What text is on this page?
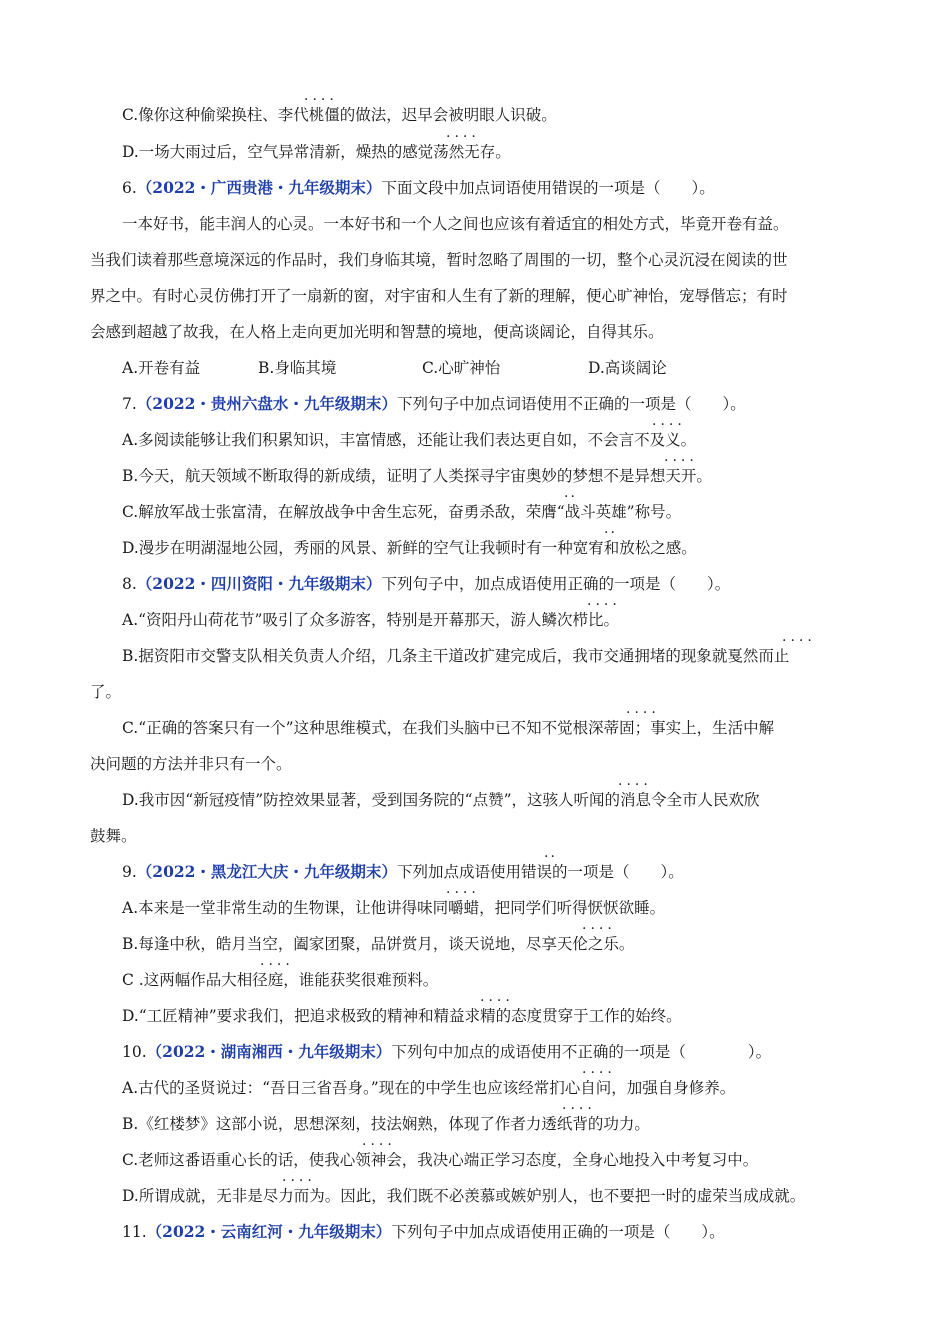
····
C.像你这种偷梁换柱、李代桃僵的做法，迟早会被明眼人识破。
····
D.一场大雨过后，空气异常清新，燥热的感觉荡然无存。
6.（2022・广西贵港・九年级期末）下面文段中加点词语使用错误的一项是（　　）。
一本好书，能丰润人的心灵。一本好书和一个人之间也应该有着适宜的相处方式，毕竟开卷有益。
当我们读着那些意境深远的作品时，我们身临其境，暂时忽略了周围的一切，整个心灵沉浸在阅读的世
界之中。有时心灵仿佛打开了一扇新的窗，对宇宙和人生有了新的理解，便心旷神怡，宠辱偕忘；有时
会感到超越了故我，在人格上走向更加光明和智慧的境地，便高谈阔论，自得其乐。
A.开卷有益	B.身临其境	C.心旷神怡	D.高谈阔论
7.（2022・贵州六盘水・九年级期末）下列句子中加点词语使用不正确的一项是（　　）。
····
A.多阅读能够让我们积累知识，丰富情感，还能让我们表达更自如，不会言不及义。
····
B.今天，航天领域不断取得的新成绩，证明了人类探寻宇宙奥妙的梦想不是异想天开。
··
C.解放军战士张富清，在解放战争中舍生忘死，奋勇杀敌，荣膺“战斗英雄”称号。
··
D.漫步在明湖湿地公园，秀丽的风景、新鲜的空气让我顿时有一种宽宥和放松之感。
8.（2022・四川资阳・九年级期末）下列句子中，加点成语使用正确的一项是（　　）。
····
A.“资阳丹山荷花节”吸引了众多游客，特别是开幕那天，游人鳞次栉比。
····
B.据资阳市交警支队相关负责人介绍，几条主干道改扩建完成后，我市交通拥堵的现象就戛然而止
了。
····
C.“正确的答案只有一个”这种思维模式，在我们头脑中已不知不觉根深蒂固；事实上，生活中解
决问题的方法并非只有一个。
····
D.我市因“新冠疫情”防控效果显著，受到国务院的“点赞”，这骇人听闻的消息令全市人民欢欣
鼓舞。
··
9.（2022・黑龙江大庆・九年级期末）下列加点成语使用错误的一项是（　　）。
····
A.本来是一堂非常生动的生物课，让他讲得味同嚼蜡，把同学们听得恹恹欲睡。
····
B.每逢中秋，皓月当空，阖家团聚，品饼赏月，谈天说地，尽享天伦之乐。
····
C .这两幅作品大相径庭，谁能获奖很难预料。
····
D.“工匠精神”要求我们，把追求极致的精神和精益求精的态度贯穿于工作的始终。
10.（2022・湖南湘西・九年级期末）下列句中加点的成语使用不正确的一项是（　　　　）。
····
A.古代的圣贤说过：“吾日三省吾身。”现在的中学生也应该经常扪心自问，加强自身修养。
····
B.《红楼梦》这部小说，思想深刻，技法娴熟，体现了作者力透纸背的功力。
····
C.老师这番语重心长的话，使我心领神会，我决心端正学习态度，全身心地投入中考复习中。
····
D.所谓成就，无非是尽力而为。因此，我们既不必羡慕或嫉妒别人，也不要把一时的虚荣当成成就。
11.（2022・云南红河・九年级期末）下列句子中加点成语使用正确的一项是（　　）。
